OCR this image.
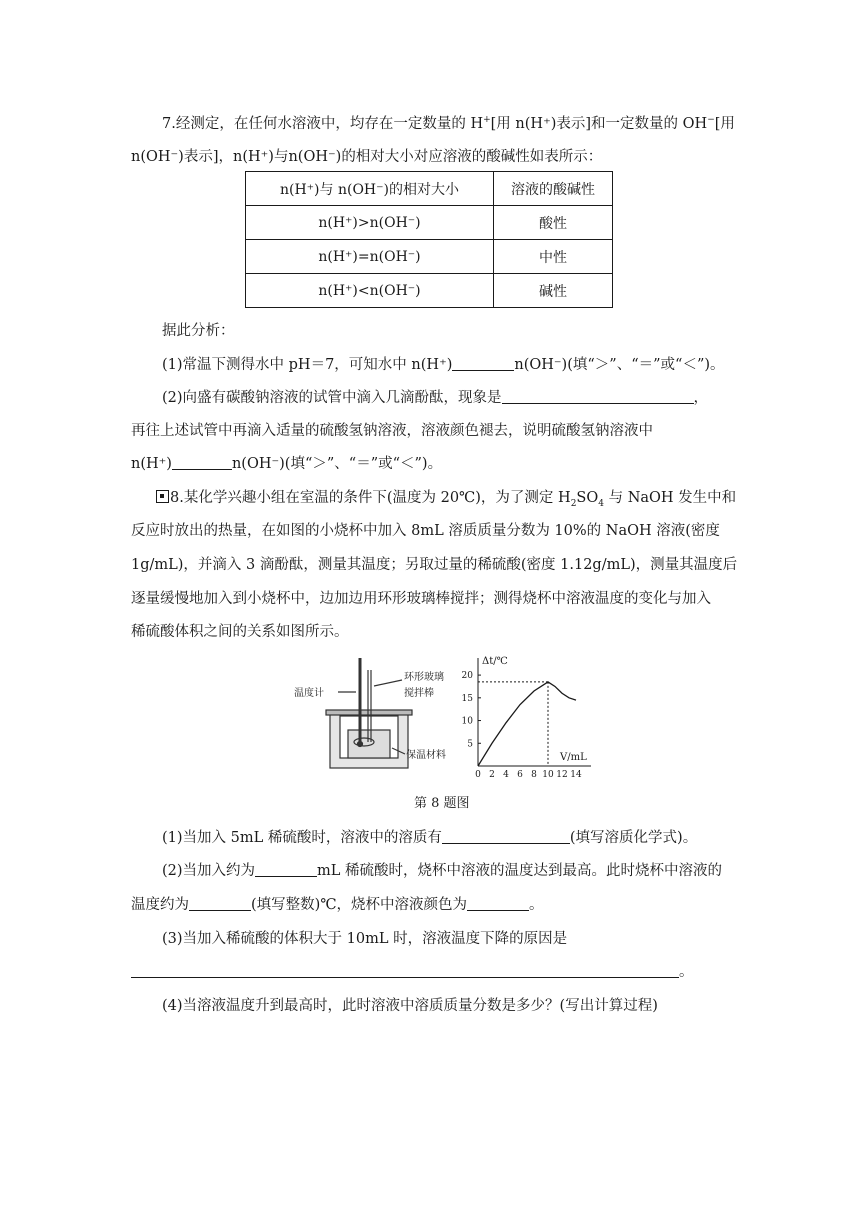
7.经测定，在任何水溶液中，均存在一定数量的 H+[用 n(H⁺)表示]和一定数量的 OH−[用
n(OH⁻)表示]，n(H⁺)与n(OH⁻)的相对大小对应溶液的酸碱性如表所示：
n(H⁺)与 n(OH⁻)的相对大小	溶液的酸碱性
n(H⁺)>n(OH⁻)	酸性
n(H⁺)=n(OH⁻)	中性
n(H⁺)<n(OH⁻)	碱性
据此分析：
(1)常温下测得水中 pH＝7，可知水中 n(H⁺)	n(OH⁻)(填“＞”、“＝”或“＜”)。
(2)向盛有碳酸钠溶液的试管中滴入几滴酚酞，现象是	，
再往上述试管中再滴入适量的硫酸氢钠溶液，溶液颜色褪去，说明硫酸氢钠溶液中
n(H⁺)	n(OH⁻)(填“＞”、“＝”或“＜”)。
8.某化学兴趣小组在室温的条件下(温度为 20℃)，为了测定 $H_2SO_4$ 与 NaOH 发生中和
反应时放出的热量，在如图的小烧杯中加入 8mL 溶质质量分数为 10%的 NaOH 溶液(密度
1g/mL)，并滴入 3 滴酚酞，测量其温度；另取过量的稀硫酸(密度 1.12g/mL)，测量其温度后
逐量缓慢地加入到小烧杯中，边加边用环形玻璃棒搅拌；测得烧杯中溶液温度的变化与加入
稀硫酸体积之间的关系如图所示。
温度计
环形玻璃
搅拌棒
保温材料
Δt/℃
V/mL
0 2 4 6 8 10 12 14
5
10
15
20
第 8 题图
(1)当加入 5mL 稀硫酸时，溶液中的溶质有	(填写溶质化学式)。
(2)当加入约为	mL 稀硫酸时，烧杯中溶液的温度达到最高。此时烧杯中溶液的
温度约为	(填写整数)℃，烧杯中溶液颜色为	。
(3)当加入稀硫酸的体积大于 10mL 时，溶液温度下降的原因是
。
(4)当溶液温度升到最高时，此时溶液中溶质质量分数是多少？(写出计算过程)
